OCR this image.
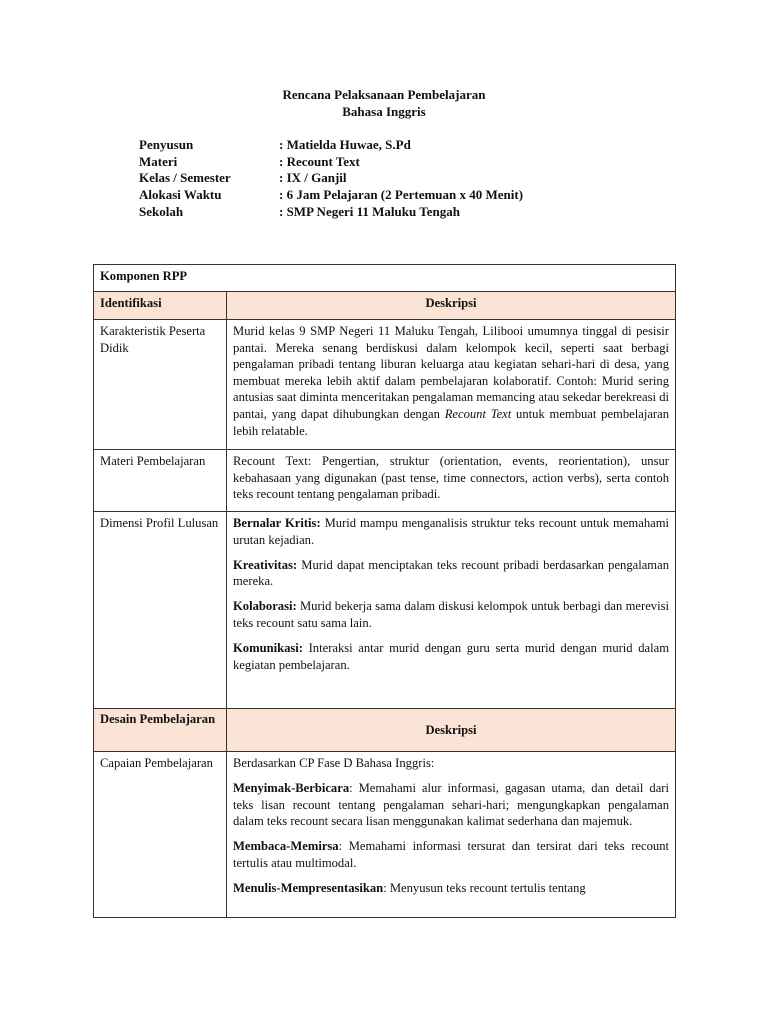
Rencana Pelaksanaan Pembelajaran
Bahasa Inggris
Penyusun	: Matielda Huwae, S.Pd
Materi	: Recount Text
Kelas / Semester	: IX / Ganjil
Alokasi Waktu	: 6 Jam Pelajaran (2 Pertemuan x 40 Menit)
Sekolah	: SMP Negeri 11 Maluku Tengah
Komponen RPP	
Identifikasi	Deskripsi
Karakteristik Peserta Didik	Murid kelas 9 SMP Negeri 11 Maluku Tengah, Lilibooi umumnya tinggal di pesisir pantai. Mereka senang berdiskusi dalam kelompok kecil, seperti saat berbagi pengalaman pribadi tentang liburan keluarga atau kegiatan sehari-hari di desa, yang membuat mereka lebih aktif dalam pembelajaran kolaboratif. Contoh: Murid sering antusias saat diminta menceritakan pengalaman memancing atau sekedar berekreasi di pantai, yang dapat dihubungkan dengan Recount Text untuk membuat pembelajaran lebih relatable.
Materi Pembelajaran	Recount Text: Pengertian, struktur (orientation, events, reorientation), unsur kebahasaan yang digunakan (past tense, time connectors, action verbs), serta contoh teks recount tentang pengalaman pribadi.
Dimensi Profil Lulusan	Bernalar Kritis: Murid mampu menganalisis struktur teks recount untuk memahami urutan kejadian.

Kreativitas: Murid dapat menciptakan teks recount pribadi berdasarkan pengalaman mereka.

Kolaborasi: Murid bekerja sama dalam diskusi kelompok untuk berbagi dan merevisi teks recount satu sama lain.

Komunikasi: Interaksi antar murid dengan guru serta murid dengan murid dalam kegiatan pembelajaran.

Desain Pembelajaran	Deskripsi
Capaian Pembelajaran	Berdasarkan CP Fase D Bahasa Inggris:

Menyimak-Berbicara: Memahami alur informasi, gagasan utama, dan detail dari teks lisan recount tentang pengalaman sehari-hari; mengungkapkan pengalaman dalam teks recount secara lisan menggunakan kalimat sederhana dan majemuk.

Membaca-Memirsa: Memahami informasi tersurat dan tersirat dari teks recount tertulis atau multimodal.

Menulis-Mempresentasikan: Menyusun teks recount tertulis tentang
